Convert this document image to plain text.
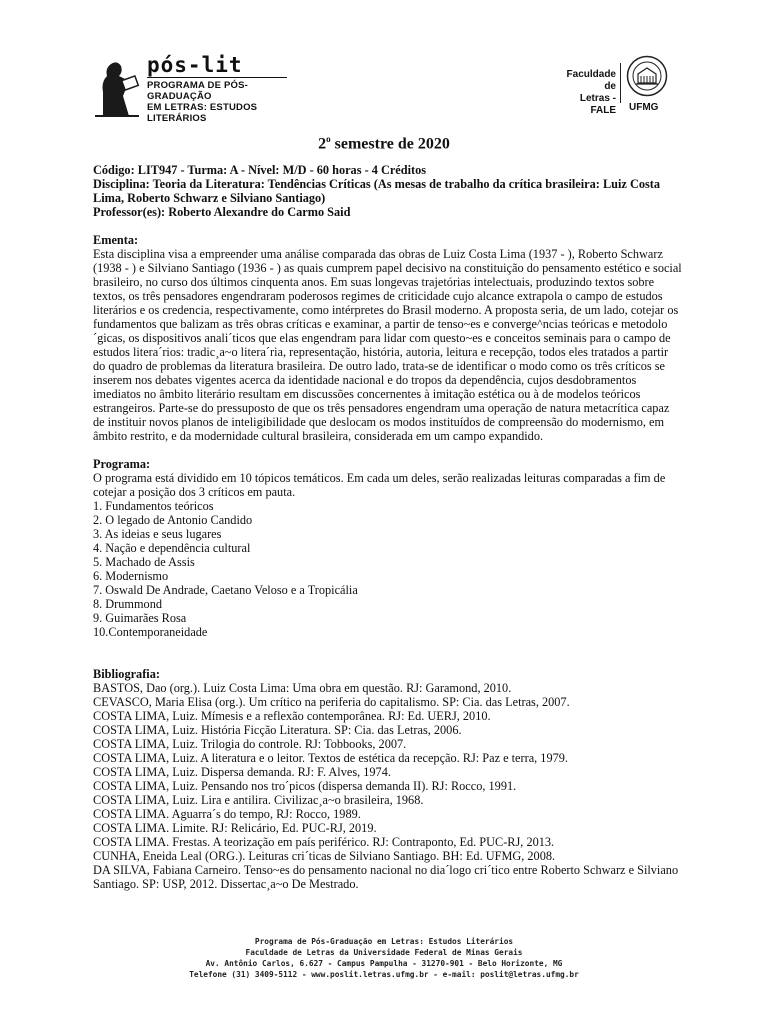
pós-lit
PROGRAMA DE PÓS-GRADUAÇÃO
EM LETRAS: ESTUDOS LITERÁRIOS
Faculdade de
Letras - FALE UFMG
2$^o$ semestre de 2020

Código: LIT947 - Turma: A - Nível: M/D - 60 horas - 4 Créditos

Disciplina: Teoria da Literatura: Tendências Críticas (As mesas de trabalho da crítica brasileira: Luiz Costa Lima, Roberto Schwarz e Silviano Santiago)

Professor(es): Roberto Alexandre do Carmo Said

Ementa:

Esta disciplina visa a empreender uma análise comparada das obras de Luiz Costa Lima (1937 - ), Roberto Schwarz (1938 - ) e Silviano Santiago (1936 - ) as quais cumprem papel decisivo na constituição do pensamento estético e social brasileiro, no curso dos últimos cinquenta anos. Em suas longevas trajetórias intelectuais, produzindo textos sobre textos, os três pensadores engendraram poderosos regimes de criticidade cujo alcance extrapola o campo de estudos literários e os credencia, respectivamente, como intérpretes do Brasil moderno. A proposta seria, de um lado, cotejar os fundamentos que balizam as três obras críticas e examinar, a partir de tenso~es e converge^ncias teóricas e metodolo´gicas, os dispositivos anali´ticos que elas engendram para lidar com questo~es e conceitos seminais para o campo de estudos litera´rios: tradic¸a~o litera´ria, representação, história, autoria, leitura e recepção, todos eles tratados a partir do quadro de problemas da literatura brasileira. De outro lado, trata-se de identificar o modo como os três críticos se inserem nos debates vigentes acerca da identidade nacional e do tropos da dependência, cujos desdobramentos imediatos no âmbito literário resultam em discussões concernentes à imitação estética ou à de modelos teóricos estrangeiros. Parte-se do pressuposto de que os três pensadores engendram uma operação de natura metacrítica capaz de instituir novos planos de inteligibilidade que deslocam os modos instituídos de compreensão do modernismo, em âmbito restrito, e da modernidade cultural brasileira, considerada em um campo expandido.

Programa:

O programa está dividido em 10 tópicos temáticos. Em cada um deles, serão realizadas leituras comparadas a fim de cotejar a posição dos 3 críticos em pauta.

1. Fundamentos teóricos
2. O legado de Antonio Candido
3. As ideias e seus lugares
4. Nação e dependência cultural
5. Machado de Assis
6. Modernismo
7. Oswald De Andrade, Caetano Veloso e a Tropicália
8. Drummond
9. Guimarães Rosa
10.Contemporaneidade

Bibliografia:

BASTOS, Dao (org.). Luiz Costa Lima: Uma obra em questão. RJ: Garamond, 2010.
CEVASCO, Maria Elisa (org.). Um crítico na periferia do capitalismo. SP: Cia. das Letras, 2007.
COSTA LIMA, Luiz. Mímesis e a reflexão contemporânea. RJ: Ed. UERJ, 2010.
COSTA LIMA, Luiz. História Ficção Literatura. SP: Cia. das Letras, 2006.
COSTA LIMA, Luiz. Trilogia do controle. RJ: Tobbooks, 2007.
COSTA LIMA, Luiz. A literatura e o leitor. Textos de estética da recepção. RJ: Paz e terra, 1979.
COSTA LIMA, Luiz. Dispersa demanda. RJ: F. Alves, 1974.
COSTA LIMA, Luiz. Pensando nos tro´picos (dispersa demanda II). RJ: Rocco, 1991.
COSTA LIMA, Luiz. Lira e antilira. Civilizac¸a~o brasileira, 1968.
COSTA LIMA. Aguarra´s do tempo, RJ: Rocco, 1989.
COSTA LIMA. Limite. RJ: Relicário, Ed. PUC-RJ, 2019.
COSTA LIMA. Frestas. A teorização em país periférico. RJ: Contraponto, Ed. PUC-RJ, 2013.
CUNHA, Eneida Leal (ORG.). Leituras cri´ticas de Silviano Santiago. BH: Ed. UFMG, 2008.
DA SILVA, Fabiana Carneiro. Tenso~es do pensamento nacional no dia´logo cri´tico entre Roberto Schwarz e Silviano Santiago. SP: USP, 2012. Dissertac¸a~o De Mestrado.
Programa de Pós-Graduação em Letras: Estudos Literários
Faculdade de Letras da Universidade Federal de Minas Gerais
Av. Antônio Carlos, 6.627 - Campus Pampulha - 31270-901 - Belo Horizonte, MG
Telefone (31) 3409-5112 - www.poslit.letras.ufmg.br - e-mail: poslit@letras.ufmg.br
